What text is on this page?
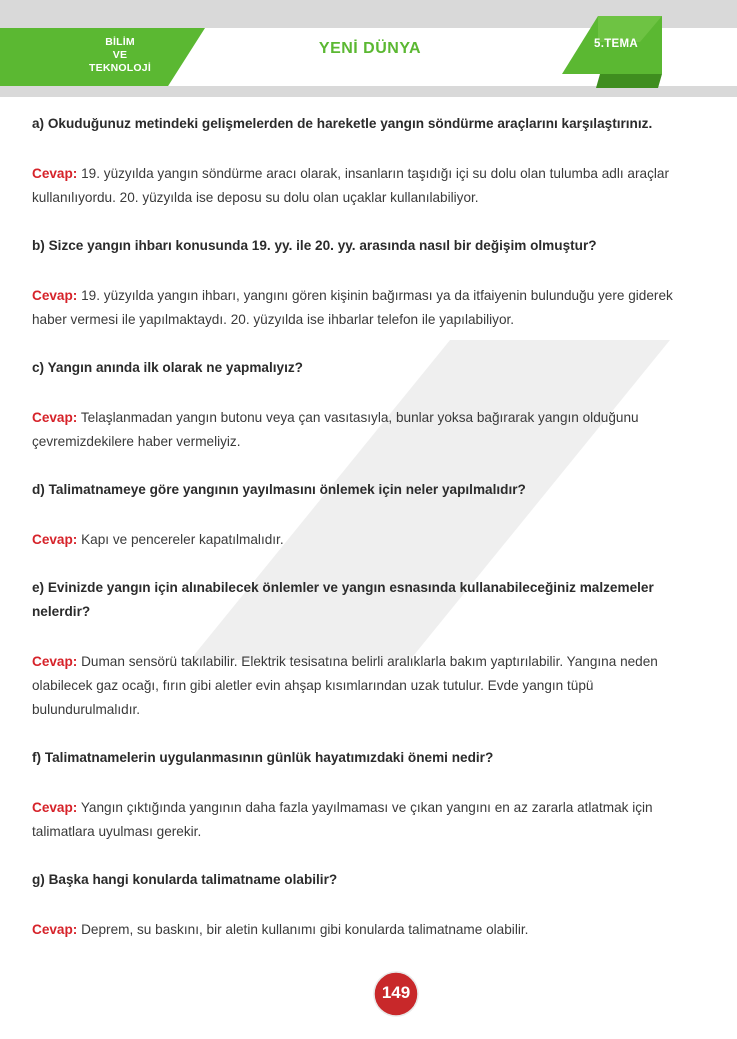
BİLİM
VE
TEKNOLOJİ
YENİ DÜNYA	5.TEMA

a) Okuduğunuz metindeki gelişmelerden de hareketle yangın söndürme araçlarını karşılaştırınız.

Cevap: 19. yüzyılda yangın söndürme aracı olarak, insanların taşıdığı içi su dolu olan tulumba adlı araçlar kullanılıyordu. 20. yüzyılda ise deposu su dolu olan uçaklar kullanılabiliyor.

b) Sizce yangın ihbarı konusunda 19. yy. ile 20. yy. arasında nasıl bir değişim olmuştur?

Cevap: 19. yüzyılda yangın ihbarı, yangını gören kişinin bağırması ya da itfaiyenin bulunduğu yere giderek haber vermesi ile yapılmaktaydı. 20. yüzyılda ise ihbarlar telefon ile yapılabiliyor.

c) Yangın anında ilk olarak ne yapmalıyız?

Cevap: Telaşlanmadan yangın butonu veya çan vasıtasıyla, bunlar yoksa bağırarak yangın olduğunu çevremizdekilere haber vermeliyiz.

d) Talimatnameye göre yangının yayılmasını önlemek için neler yapılmalıdır?

Cevap: Kapı ve pencereler kapatılmalıdır.

e) Evinizde yangın için alınabilecek önlemler ve yangın esnasında kullanabileceğiniz malzemeler nelerdir?

Cevap: Duman sensörü takılabilir. Elektrik tesisatına belirli aralıklarla bakım yaptırılabilir. Yangına neden olabilecek gaz ocağı, fırın gibi aletler evin ahşap kısımlarından uzak tutulur. Evde yangın tüpü bulundurulmalıdır.

f) Talimatnamelerin uygulanmasının günlük hayatımızdaki önemi nedir?

Cevap: Yangın çıktığında yangının daha fazla yayılmaması ve çıkan yangını en az zararla atlatmak için talimatlara uyulması gerekir.

g) Başka hangi konularda talimatname olabilir?

Cevap: Deprem, su baskını, bir aletin kullanımı gibi konularda talimatname olabilir.

149
